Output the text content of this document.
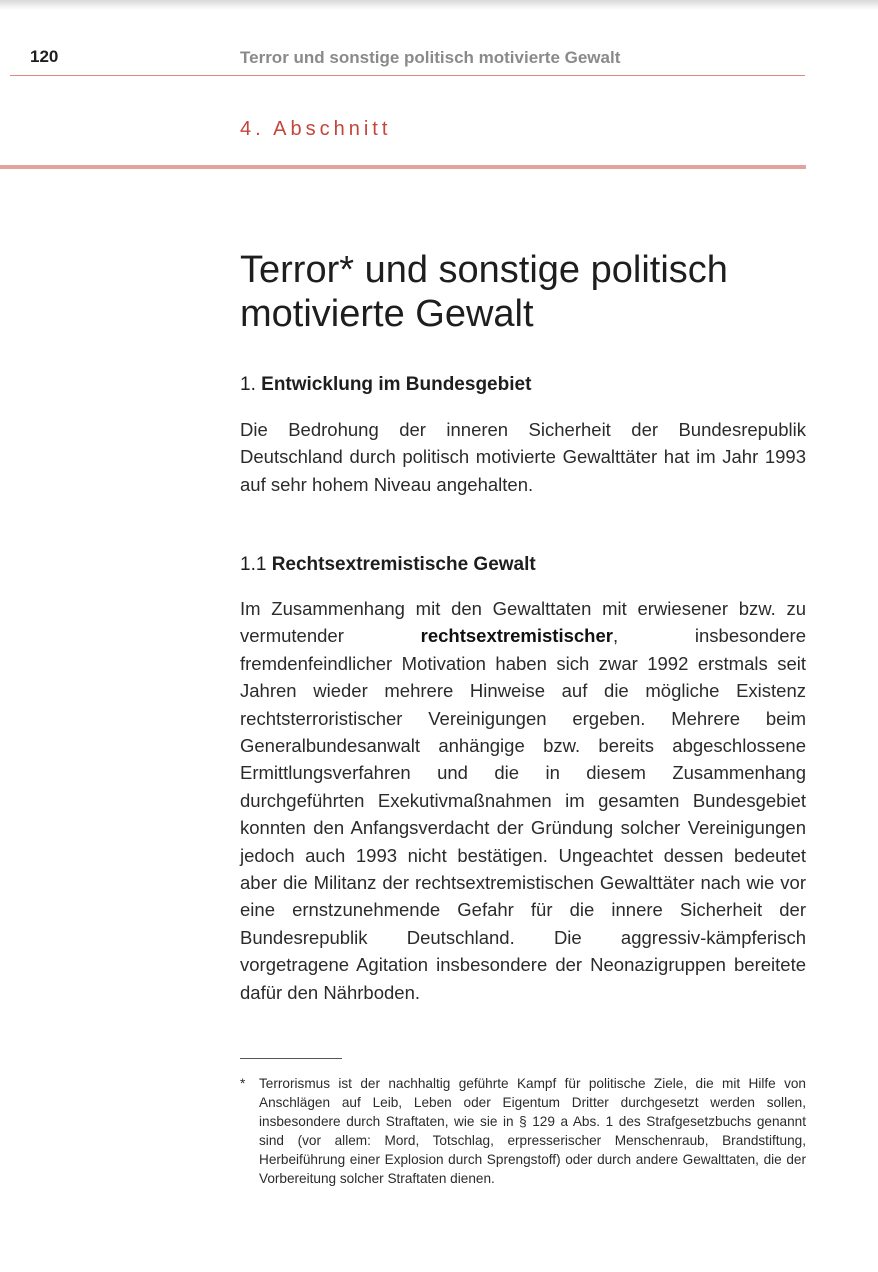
120	Terror und sonstige politisch motivierte Gewalt
4. Abschnitt
Terror* und sonstige politisch motivierte Gewalt
1. Entwicklung im Bundesgebiet

Die Bedrohung der inneren Sicherheit der Bundesrepublik Deutschland durch politisch motivierte Gewalttäter hat im Jahr 1993 auf sehr hohem Niveau angehalten.

1.1 Rechtsextremistische Gewalt

Im Zusammenhang mit den Gewalttaten mit erwiesener bzw. zu vermutender	rechtsextremistischer, insbesondere fremdenfeindlicher Motivation haben sich zwar 1992 erstmals seit Jahren wieder mehrere Hinweise auf die mögliche Existenz rechtsterroristischer Vereinigungen ergeben. Mehrere beim Generalbundesanwalt anhängige bzw. bereits abgeschlossene Ermittlungsverfahren und die in diesem Zusammenhang durchgeführten Exekutivmaßnahmen im gesamten Bundesgebiet konnten den Anfangsverdacht der Gründung solcher Vereinigungen jedoch auch 1993 nicht bestätigen. Ungeachtet dessen bedeutet aber die Militanz der rechtsextremistischen Gewalttäter nach wie vor eine ernstzunehmende Gefahr für die innere Sicherheit der Bundesrepublik Deutschland. Die aggressiv-kämpferisch vorgetragene Agitation insbesondere der Neonazigruppen bereitete dafür den Nährboden.

* Terrorismus ist der nachhaltig geführte Kampf für politische Ziele, die mit Hilfe von Anschlägen auf Leib, Leben oder Eigentum Dritter durchgesetzt werden sollen, insbesondere durch Straftaten, wie sie in § 129 a Abs. 1 des Strafgesetzbuchs genannt sind (vor allem: Mord, Totschlag, erpresserischer Menschenraub, Brandstiftung, Herbeiführung einer Explosion durch Sprengstoff) oder durch andere Gewalttaten, die der Vorbereitung solcher Straftaten dienen.
